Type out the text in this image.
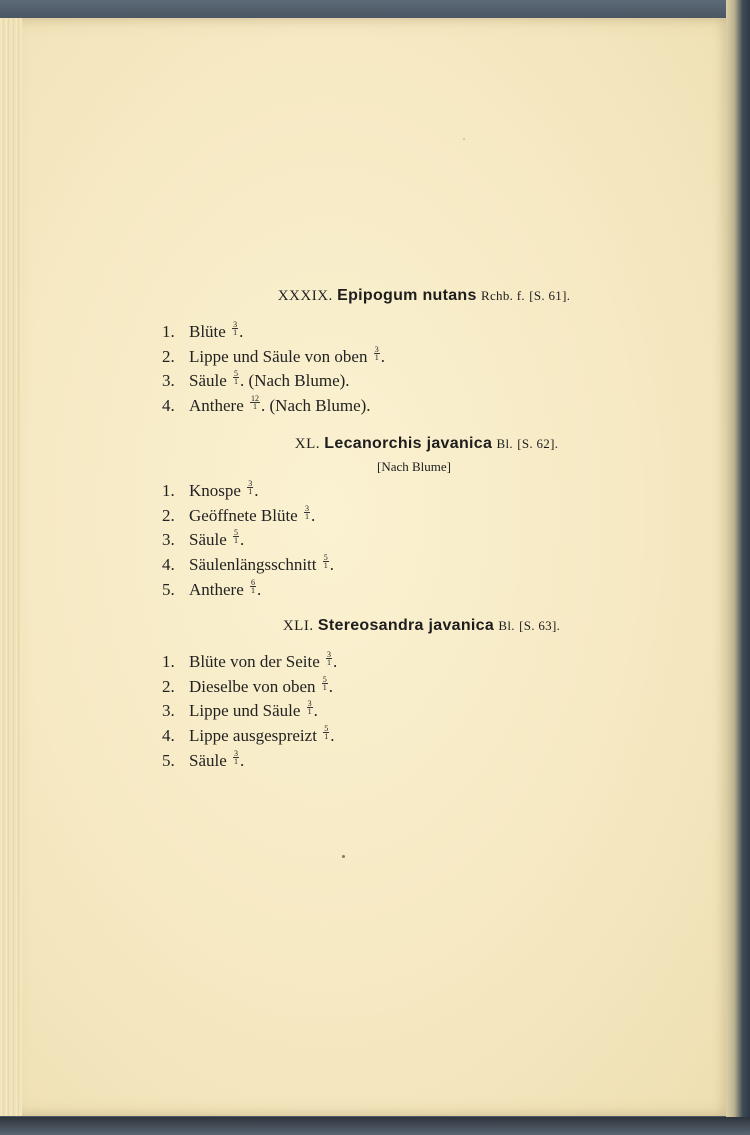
XXXIX. Epipogum nutans Rchb. f. [S. 61].
1. Blüte $\frac{3}{1}$ .
2. Lippe und Säule von oben $\frac{3}{1}$ .
3. Säule $\frac{5}{1}$ . (Nach Blume).
4. Anthere $\frac{12}{1}$ . (Nach Blume).
XL. Lecanorchis javanica Bl. [S. 62].
[Nach Blume]
1. Knospe $\frac{3}{1}$ .
2. Geöffnete Blüte $\frac{3}{1}$ .
3. Säule $\frac{5}{1}$ .
4. Säulenlängsschnitt $\frac{5}{1}$ .
5. Anthere $\frac{6}{1}$ .
XLI. Stereosandra javanica Bl. [S. 63].
1. Blüte von der Seite $\frac{3}{1}$ .
2. Dieselbe von oben $\frac{5}{1}$ .
3. Lippe und Säule $\frac{3}{1}$ .
4. Lippe ausgespreizt $\frac{5}{1}$ .
5. Säule $\frac{3}{1}$ .
